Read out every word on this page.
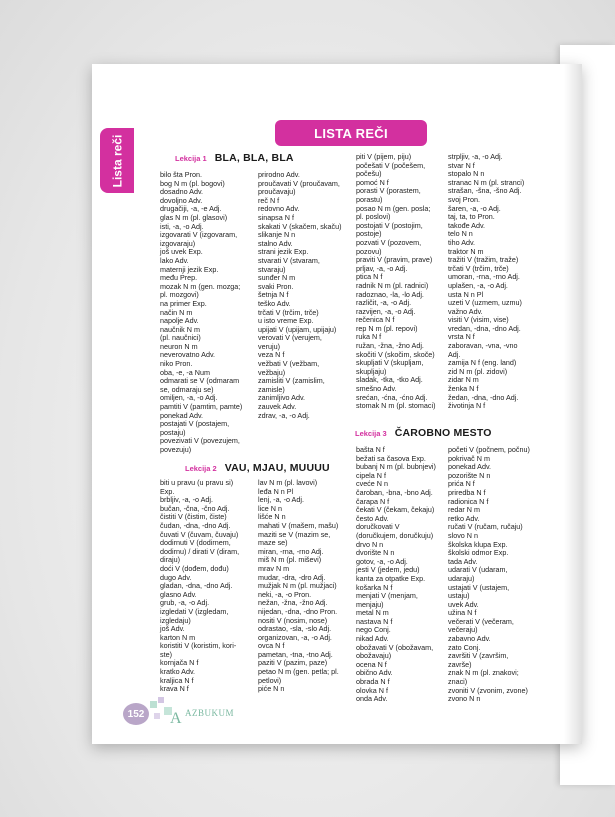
Lista reči
LISTA REČI
Lekcija 1 BLA, BLA, BLA
Lekcija 2 VAU, MJAU, MUUUU
Lekcija 3 ČAROBNO MESTO
bilo šta Pron.
bog N m (pl. bogovi)
dosadno Adv.
dovoljno Adv.
drugačiji, -a, -e Adj.
glas N m (pl. glasovi)
isti, -a, -o Adj.
izgovarati V (izgovaram,
izgovaraju)
još uvek Exp.
lako Adv.
maternji jezik Exp.
među Prep.
mozak N m (gen. mozga;
pl. mozgovi)
na primer Exp.
način N m
napolje Adv.
naučnik N m
(pl. naučnici)
neuron N m
neverovatno Adv.
niko Pron.
oba, -e, -a Num
odmarati se V (odmaram
se, odmaraju se)
omiljen, -a, -o Adj.
pamtiti V (pamtim, pamte)
ponekad Adv.
postajati V (postajem,
postaju)
povezivati V (povezujem,
povezuju)
prirodno Adv.
proučavati V (proučavam,
proučavaju)
reč N f
redovno Adv.
sinapsa N f
skakati V (skačem, skaču)
slikanje N n
stalno Adv.
strani jezik Exp.
stvarati V (stvaram,
stvaraju)
sunđer N m
svaki Pron.
šetnja N f
teško Adv.
trčati V (trčim, trče)
u isto vreme Exp.
upijati V (upijam, upijaju)
verovati V (verujem,
veruju)
veza N f
vežbati V (vežbam,
vežbaju)
zamisliti V (zamislim,
zamisle)
zanimljivo Adv.
zauvek Adv.
zdrav, -a, -o Adj.
biti u pravu (u pravu si)
Exp.
brbljiv, -a, -o Adj.
bučan, -čna, -čno Adj.
čistiti V (čistim, čiste)
čudan, -dna, -dno Adj.
čuvati V (čuvam, čuvaju)
dodirnuti V (dodirnem,
dodirnu) / dirati V (diram,
diraju)
doći V (dođem, dođu)
dugo Adv.
gladan, -dna, -dno Adj.
glasno Adv.
grub, -a, -o Adj.
izgledati V (izgledam,
izgledaju)
još Adv.
karton N m
koristiti V (koristim, kori-
ste)
kornjača N f
kratko Adv.
kraljica N f
krava N f
lav N m (pl. lavovi)
leđa N n Pl
lenj, -a, -o Adj.
lice N n
lišće N n
mahati V (mašem, mašu)
maziti se V (mazim se,
maze se)
miran, -rna, -rno Adj.
miš N m (pl. miševi)
mrav N m
mudar, -dra, -dro Adj.
mužjak N m (pl. mužjaci)
neki, -a, -o Pron.
nežan, -žna, -žno Adj.
nijedan, -dna, -dno Pron.
nositi V (nosim, nose)
odrastao, -sla, -slo Adj.
organizovan, -a, -o Adj.
ovca N f
pametan, -tna, -tno Adj.
paziti V (pazim, paze)
petao N m (gen. petla; pl.
petlovi)
piće N n
piti V (pijem, piju)
počešati V (počešem,
počešu)
pomoć N f
porasti V (porastem,
porastu)
posao N m (gen. posla;
pl. poslovi)
postojati V (postojim,
postoje)
pozvati V (pozovem,
pozovu)
praviti V (pravim, prave)
prljav, -a, -o Adj.
ptica N f
radnik N m (pl. radnici)
radoznao, -la, -lo Adj.
različit, -a, -o Adj.
razvijen, -a, -o Adj.
rečenica N f
rep N m (pl. repovi)
ruka N f
ružan, -žna, -žno Adj.
skočiti V (skočim, skoče)
skupljati V (skupljam,
skupljaju)
sladak, -tka, -tko Adj.
smešno Adv.
srećan, -ćna, -ćno Adj.
stomak N m (pl. stomaci)
strpljiv, -a, -o Adj.
stvar N f
stopalo N n
stranac N m (pl. stranci)
strašan, -šna, -šno Adj.
svoj Pron.
šaren, -a, -o Adj.
taj, ta, to Pron.
takođe Adv.
telo N n
tiho Adv.
traktor N m
tražiti V (tražim, traže)
trčati V (trčim, trče)
umoran, -rna, -rno Adj.
uplašen, -a, -o Adj.
usta N n Pl
uzeti V (uzmem, uzmu)
važno Adv.
visiti V (visim, vise)
vredan, -dna, -dno Adj.
vrsta N f
zaboravan, -vna, -vno
Adj.
zamija N f (eng. land)
zid N m (pl. zidovi)
zidar N m
ženka N f
žedan, -dna, -dno Adj.
životinja N f
bašta N f
bežati sa časova Exp.
bubanj N m (pl. bubnjevi)
cipela N f
cveće N n
čaroban, -bna, -bno Adj.
čarapa N f
čekati V (čekam, čekaju)
često Adv.
doručkovati V
(doručkujem, doručkuju)
drvo N n
dvorište N n
gotov, -a, -o Adj.
jesti V (jedem, jedu)
kanta za otpatke Exp.
košarka N f
menjati V (menjam,
menjaju)
metal N m
nastava N f
nego Conj.
nikad Adv.
obožavati V (obožavam,
obožavaju)
ocena N f
obično Adv.
obrada N f
olovka N f
onda Adv.
početi V (počnem, počnu)
pokrivač N m
ponekad Adv.
pozorište N n
prića N f
priredba N f
radionica N f
redar N m
retko Adv.
ručati V (ručam, ručaju)
slovo N n
školska klupa Exp.
školski odmor Exp.
tada Adv.
udarati V (udaram,
udaraju)
ustajati V (ustajem,
ustaju)
uvek Adv.
užina N f
večerati V (večeram,
večeraju)
zabavno Adv.
zato Conj.
završiti V (završim,
završe)
znak N m (pl. znakovi;
znaci)
zvoniti V (zvonim, zvone)
zvono N n
A
152	AZBUKUM
